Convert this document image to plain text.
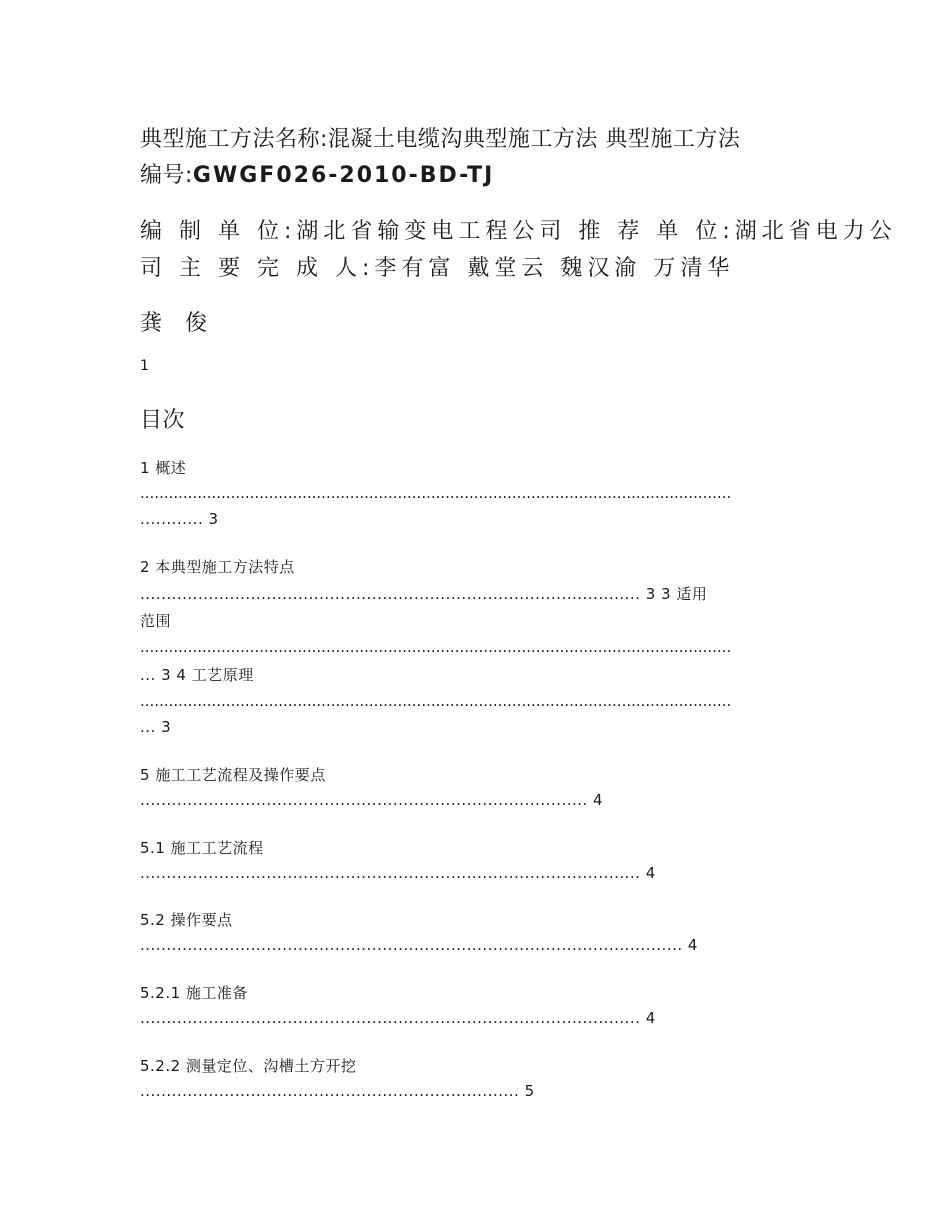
典型施工方法名称:混凝土电缆沟典型施工方法 典型施工方法

编号:GWGF026-2010-BD-TJ

编 制 单 位:湖北省输变电工程公司 推 荐 单 位:湖北省电力公

司 主 要 完 成 人:李有富 戴堂云 魏汉渝 万清华

龚 俊

1

目次

1 概述

............................................................................................................................

............ 3

2 本典型施工方法特点

............................................................................................... 3 3 适用

范围

............................................................................................................................

... 3 4 工艺原理

............................................................................................................................

... 3

5 施工工艺流程及操作要点

..................................................................................... 4

5.1 施工工艺流程

............................................................................................... 4

5.2 操作要点

....................................................................................................... 4

5.2.1 施工准备

............................................................................................... 4

5.2.2 测量定位、沟槽土方开挖

........................................................................ 5
